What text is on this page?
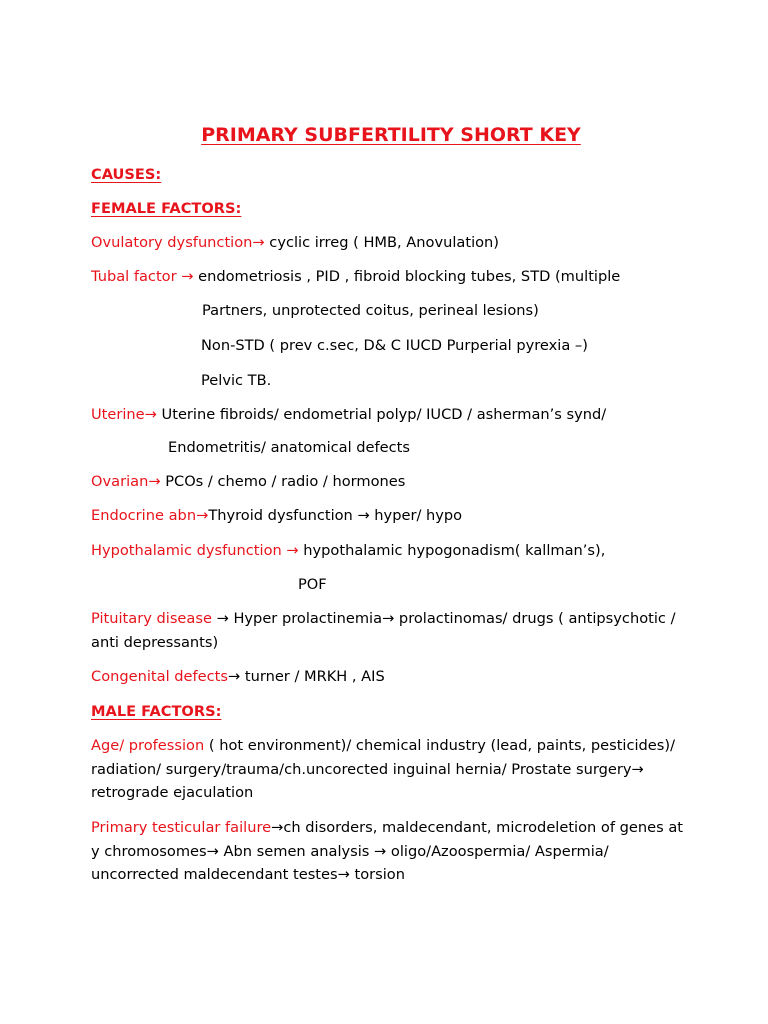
PRIMARY SUBFERTILITY SHORT KEY
CAUSES:
FEMALE FACTORS:
Ovulatory dysfunction→ cyclic irreg ( HMB, Anovulation)
Tubal factor → endometriosis , PID , fibroid blocking tubes, STD (multiple
Partners, unprotected coitus, perineal lesions)
Non-STD ( prev c.sec, D& C IUCD Purperial pyrexia –)
Pelvic TB.
Uterine→ Uterine fibroids/ endometrial polyp/ IUCD / asherman’s synd/
Endometritis/ anatomical defects
Ovarian→ PCOs / chemo / radio / hormones
Endocrine abn→Thyroid dysfunction → hyper/ hypo
Hypothalamic dysfunction → hypothalamic hypogonadism( kallman’s),
POF
Pituitary disease → Hyper prolactinemia→ prolactinomas/ drugs ( antipsychotic /
anti depressants)
Congenital defects→ turner / MRKH , AIS
MALE FACTORS:
Age/ profession ( hot environment)/ chemical industry (lead, paints, pesticides)/
radiation/ surgery/trauma/ch.uncorected inguinal hernia/ Prostate surgery→
retrograde ejaculation
Primary testicular failure→ch disorders, maldecendant, microdeletion of genes at
y chromosomes→ Abn semen analysis → oligo/Azoospermia/ Aspermia/
uncorrected maldecendant testes→ torsion
